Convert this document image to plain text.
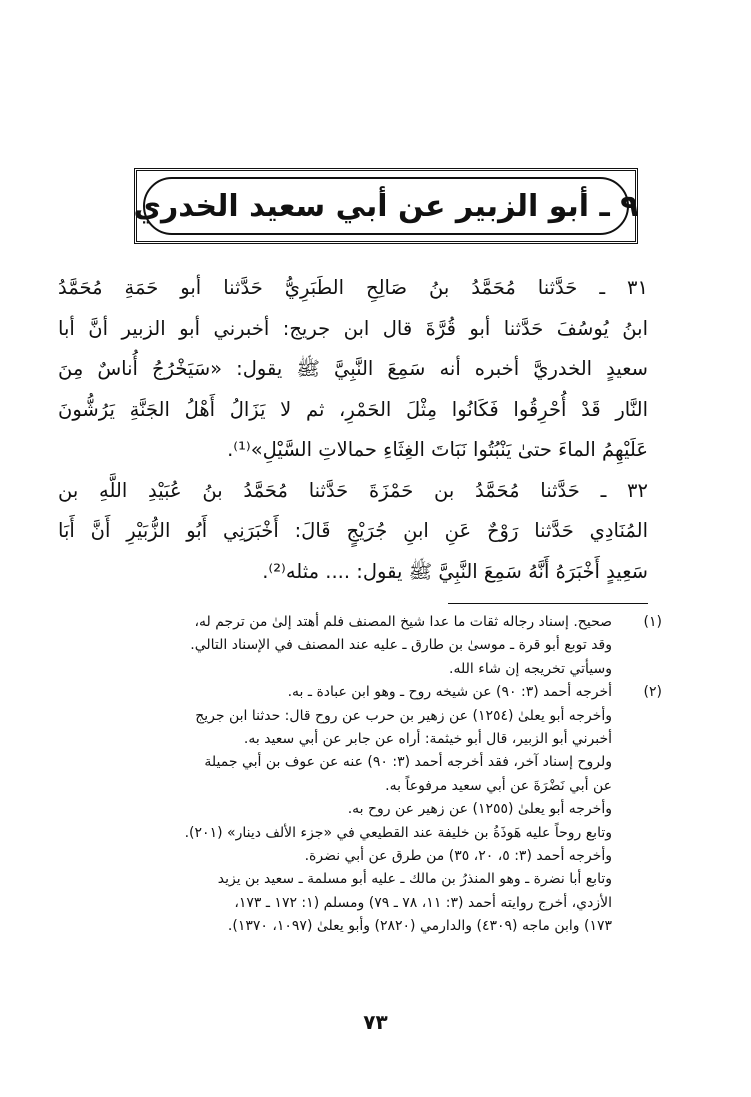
٩ ـ أبو الزبير عن أبي سعيد الخدري

٣١ ـ حَدَّثنا مُحَمَّدُ بنُ صَالِحِ الطَبَرِيُّ حَدَّثنا أبو حَمَةِ مُحَمَّدُ
ابنُ يُوسُفَ حَدَّثنا أبو قُرَّةَ قال ابن جريج: أخبرني أبو الزبير أنَّ أبا
سعيدٍ الخدريَّ أخبره أنه سَمِعَ النَّبِيَّ ﷺ يقول: «سَيَخْرُجُ أُناسٌ مِنَ
النَّار قَدْ أُحْرِقُوا فَكَانُوا مِثْلَ الحَمْرِ، ثم لا يَزَالُ أَهْلُ الجَنَّةِ يَرُشُّونَ
عَلَيْهِمُ الماءَ حتىٰ يَنْبُتُوا نَبَاتَ الغِثَاءِ حمالاتِ السَّيْلِ»⁽¹⁾.

٣٢ ـ حَدَّثنا مُحَمَّدُ بن حَمْزَةَ حَدَّثنا مُحَمَّدُ بنُ عُبَيْدِ اللَّهِ بن
المُنَادِي حَدَّثنا رَوْحٌ عَنِ ابنِ جُرَيْجٍ قَالَ: أَخْبَرَنِي أَبُو الزُّبَيْرِ أَنَّ أَبَا
سَعِيدٍ أَخْبَرَهُ أَنَّهُ سَمِعَ النَّبِيَّ ﷺ يقول: .... مثله⁽²⁾.

(١)
صحيح. إسناد رجاله ثقات ما عدا شيخ المصنف فلم أهتد إلىٰ من ترجم له،
وقد توبع أبو قرة ـ موسىٰ بن طارق ـ عليه عند المصنف في الإسناد التالي.
وسيأتي تخريجه إن شاء الله.
(٢)
أخرجه أحمد (٣: ٩٠) عن شيخه روح ـ وهو ابن عبادة ـ به.
وأخرجه أبو يعلىٰ (١٢٥٤) عن زهير بن حرب عن روح قال: حدثنا ابن جريج
أخبرني أبو الزبير، قال أبو خيثمة: أراه عن جابر عن أبي سعيد به.
ولروح إسناد آخر، فقد أخرجه أحمد (٣: ٩٠) عنه عن عوف بن أبي جميلة
عن أبي نَضْرَةَ عن أبي سعيد مرفوعاً به.
وأخرجه أبو يعلىٰ (١٢٥٥) عن زهير عن روح به.
وتابع روحاً عليه هَوذَةُ بن خليفة عند القطيعي في «جزء الألف دينار» (٢٠١).
وأخرجه أحمد (٣: ٥، ٢٠، ٣٥) من طرق عن أبي نضرة.
وتابع أبا نضرة ـ وهو المنذرُ بن مالك ـ عليه أبو مسلمة ـ سعيد بن يزيد
الأزدي، أخرج روايته أحمد (٣: ١١، ٧٨ ـ ٧٩) ومسلم (١: ١٧٢ ـ ١٧٣،
١٧٣) وابن ماجه (٤٣٠٩) والدارمي (٢٨٢٠) وأبو يعلىٰ (١٠٩٧، ١٣٧٠).
٧٣
